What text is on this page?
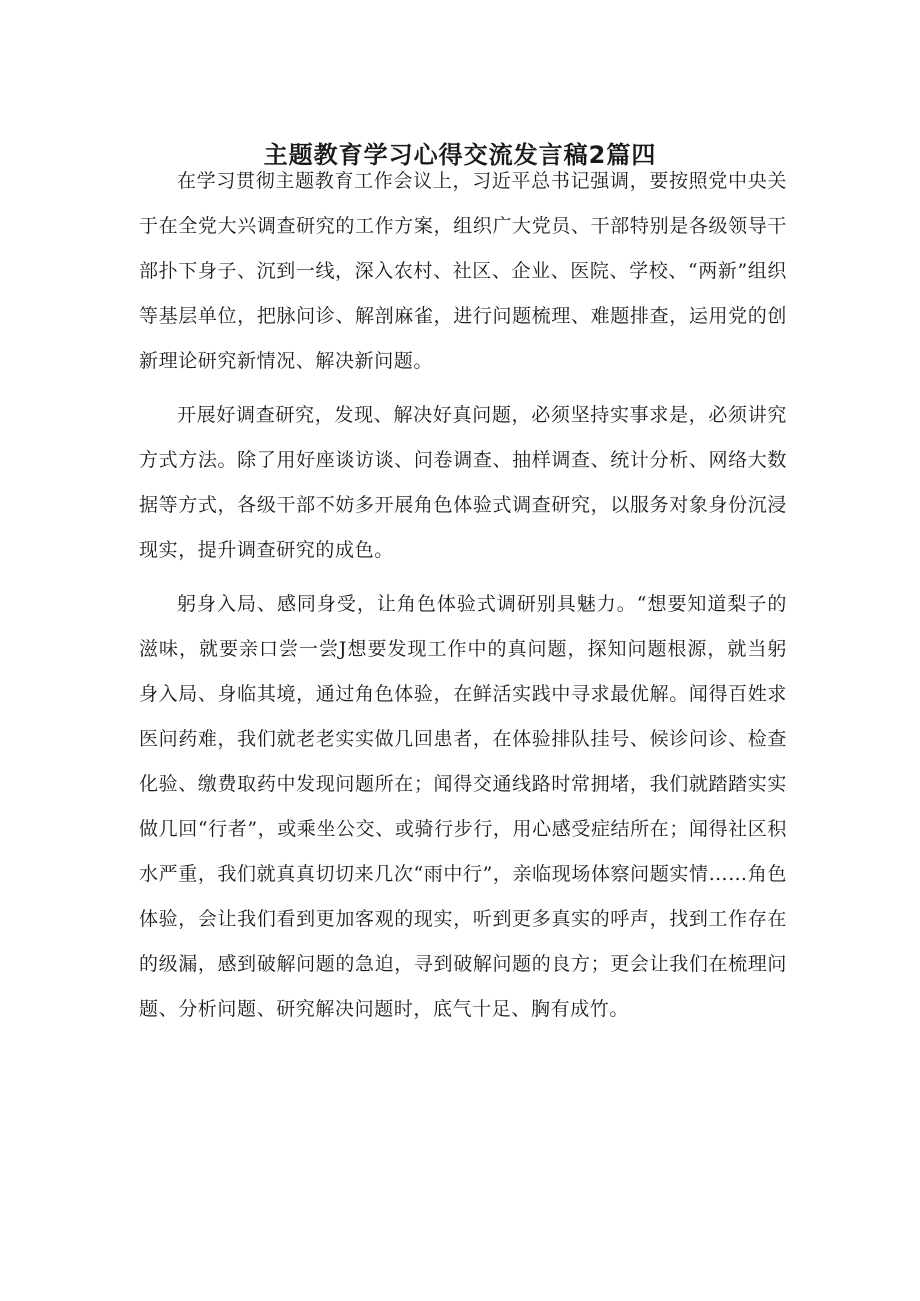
主题教育学习心得交流发言稿2篇四

在学习贯彻主题教育工作会议上，习近平总书记强调，要按照党中央关于在全党大兴调查研究的工作方案，组织广大党员、干部特别是各级领导干部扑下身子、沉到一线，深入农村、社区、企业、医院、学校、“两新”组织等基层单位，把脉问诊、解剖麻雀，进行问题梳理、难题排查，运用党的创新理论研究新情况、解决新问题。

开展好调查研究，发现、解决好真问题，必须坚持实事求是，必须讲究方式方法。除了用好座谈访谈、问卷调查、抽样调查、统计分析、网络大数据等方式，各级干部不妨多开展角色体验式调查研究，以服务对象身份沉浸现实，提升调查研究的成色。

躬身入局、感同身受，让角色体验式调研别具魅力。“想要知道梨子的滋味，就要亲口尝一尝J想要发现工作中的真问题，探知问题根源，就当躬身入局、身临其境，通过角色体验，在鲜活实践中寻求最优解。闻得百姓求医问药难，我们就老老实实做几回患者，在体验排队挂号、候诊问诊、检查化验、缴费取药中发现问题所在；闻得交通线路时常拥堵，我们就踏踏实实做几回“行者”，或乘坐公交、或骑行步行，用心感受症结所在；闻得社区积水严重，我们就真真切切来几次“雨中行”，亲临现场体察问题实情……角色体验，会让我们看到更加客观的现实，听到更多真实的呼声，找到工作存在的级漏，感到破解问题的急迫，寻到破解问题的良方；更会让我们在梳理问题、分析问题、研究解决问题时，底气十足、胸有成竹。
